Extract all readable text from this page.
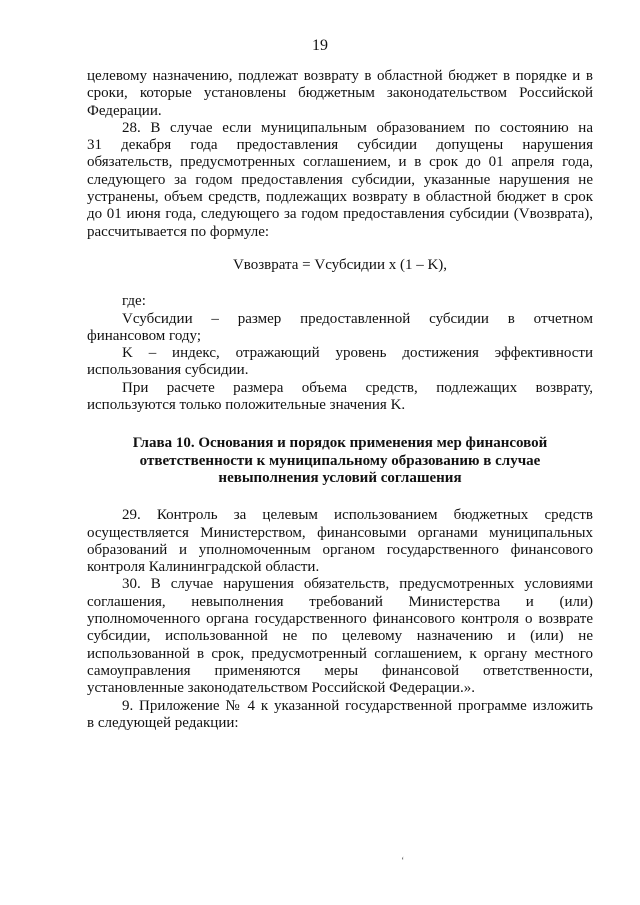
19

целевому назначению, подлежат возврату в областной бюджет в порядке и в
сроки, которые установлены бюджетным законодательством Российской
Федерации.

28. В случае если муниципальным образованием по состоянию на
31 декабря года предоставления субсидии допущены нарушения
обязательств, предусмотренных соглашением, и в срок до 01 апреля года,
следующего за годом предоставления субсидии, указанные нарушения не
устранены, объем средств, подлежащих возврату в областной бюджет в срок
до 01 июня года, следующего за годом предоставления субсидии (Vвозврата),
рассчитывается по формуле:

Vвозврата = Vсубсидии x (1 – K),

где:

Vсубсидии – размер предоставленной субсидии в отчетном
финансовом году;

K – индекс, отражающий уровень достижения эффективности
использования субсидии.

При расчете размера объема средств, подлежащих возврату,
используются только положительные значения K.

Глава 10. Основания и порядок применения мер финансовой
ответственности к муниципальному образованию в случае
невыполнения условий соглашения

29. Контроль за целевым использованием бюджетных средств
осуществляется Министерством, финансовыми органами муниципальных
образований и уполномоченным органом государственного финансового
контроля Калининградской области.

30. В случае нарушения обязательств, предусмотренных условиями
соглашения, невыполнения требований Министерства и (или)
уполномоченного органа государственного финансового контроля о возврате
субсидии, использованной не по целевому назначению и (или) не
использованной в срок, предусмотренный соглашением, к органу местного
самоуправления применяются меры финансовой ответственности,
установленные законодательством Российской Федерации.».

9. Приложение № 4 к указанной государственной программе изложить
в следующей редакции:

ʻ
